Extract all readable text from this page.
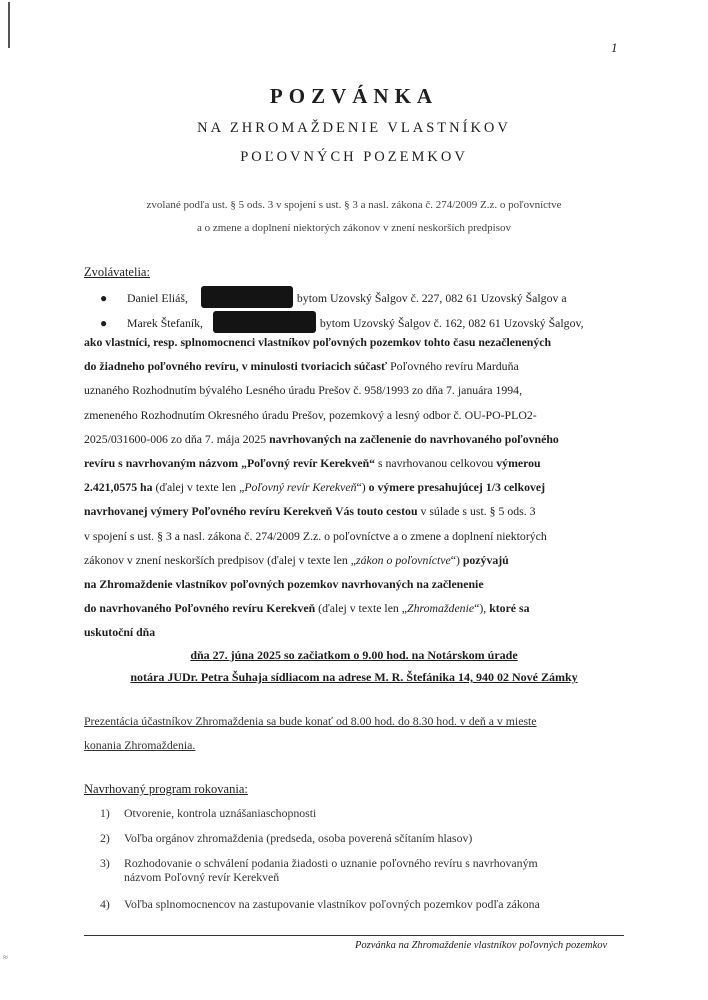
1
POZVÁNKA
NA ZHROMAŽDENIE VLASTNÍKOV
POĽOVNÝCH POZEMKOV
zvolané podľa ust. § 5 ods. 3 v spojení s ust. § 3 a nasl. zákona č. 274/2009 Z.z. o poľovníctve
a o zmene a doplnení niektorých zákonov v znení neskorších predpisov
Zvolávatelia:
● Daniel Eliáš,	, bytom Uzovský Šalgov č. 227, 082 61 Uzovský Šalgov a
● Marek Štefaník,	, bytom Uzovský Šalgov č. 162, 082 61 Uzovský Šalgov,
ako vlastníci, resp. splnomocnenci vlastníkov poľovných pozemkov tohto času nezačlenených
do žiadneho poľovného revíru, v minulosti tvoriacich súčasť Poľovného revíru Marduňa
uznaného Rozhodnutím bývalého Lesného úradu Prešov č. 958/1993 zo dňa 7. januára 1994,
zmeneného Rozhodnutím Okresného úradu Prešov, pozemkový a lesný odbor č. OU-PO-PLO2-
2025/031600-006 zo dňa 7. mája 2025 navrhovaných na začlenenie do navrhovaného poľovného
revíru s navrhovaným názvom „Poľovný revír Kerekveň“ s navrhovanou celkovou výmerou
2.421,0575 ha (ďalej v texte len „Poľovný revír Kerekveň“) o výmere presahujúcej 1/3 celkovej
navrhovanej výmery Poľovného revíru Kerekveň Vás touto cestou v súlade s ust. § 5 ods. 3
v spojení s ust. § 3 a nasl. zákona č. 274/2009 Z.z. o poľovníctve a o zmene a doplnení niektorých
zákonov v znení neskorších predpisov (ďalej v texte len „zákon o poľovníctve“) pozývajú
na Zhromaždenie vlastníkov poľovných pozemkov navrhovaných na začlenenie
do navrhovaného Poľovného revíru Kerekveň (ďalej v texte len „Zhromaždenie“), ktoré sa
uskutoční dňa
dňa 27. júna 2025 so začiatkom o 9.00 hod. na Notárskom úrade
notára JUDr. Petra Šuhaja sídliacom na adrese M. R. Štefánika 14, 940 02 Nové Zámky
Prezentácia účastníkov Zhromaždenia sa bude konať od 8.00 hod. do 8.30 hod. v deň a v mieste
konania Zhromaždenia.
Navrhovaný program rokovania:
1) Otvorenie, kontrola uznášaniaschopnosti
2) Voľba orgánov zhromaždenia (predseda, osoba poverená sčítaním hlasov)
3) Rozhodovanie o schválení podania žiadosti o uznanie poľovného revíru s navrhovaným
názvom Poľovný revír Kerekveň
4) Voľba splnomocnencov na zastupovanie vlastníkov poľovných pozemkov podľa zákona
Pozvánka na Zhromaždenie vlastníkov poľovných pozemkov
≈
